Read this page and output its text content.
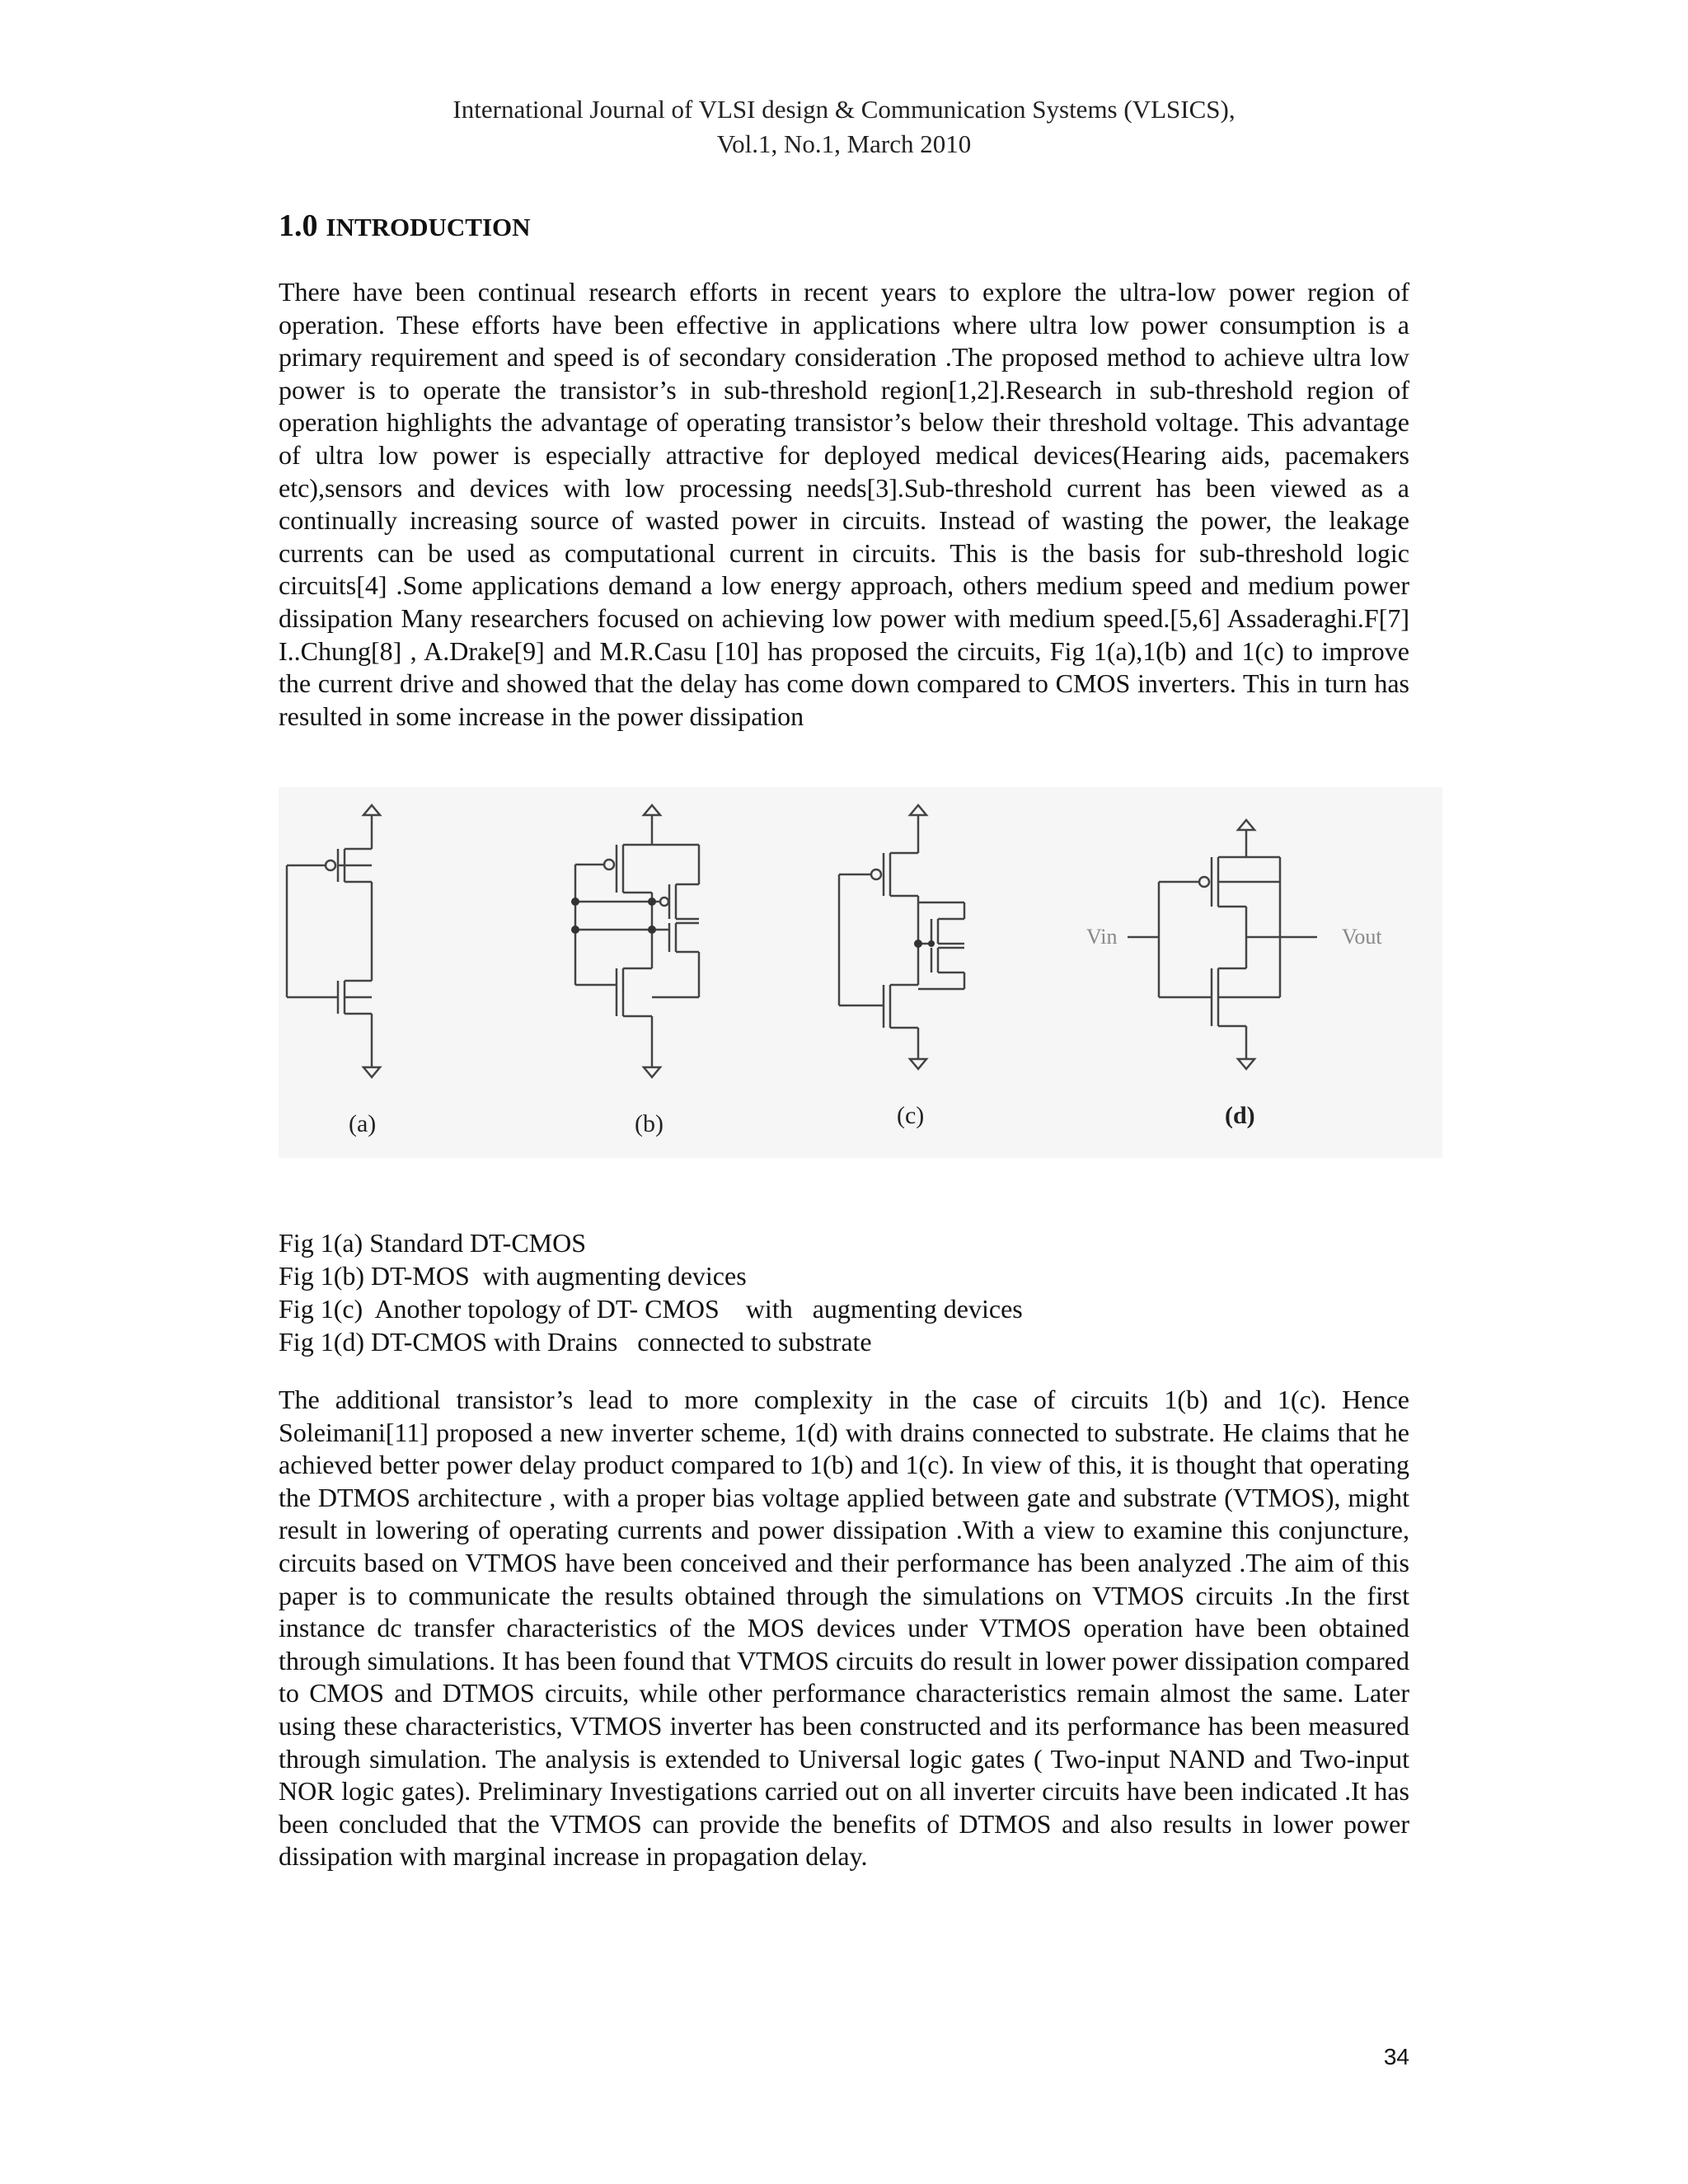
International Journal of VLSI design & Communication Systems (VLSICS),
Vol.1, No.1, March 2010
1.0 INTRODUCTION

There have been continual research efforts in recent years to explore the ultra-low power region of operation. These efforts have been effective in applications where ultra low power consumption is a primary requirement and speed is of secondary consideration .The proposed method to achieve ultra low power is to operate the transistor’s in sub-threshold region[1,2].Research in sub-threshold region of operation highlights the advantage of operating transistor’s below their threshold voltage. This advantage of ultra low power is especially attractive for deployed medical devices(Hearing aids, pacemakers etc),sensors and devices with low processing needs[3].Sub-threshold current has been viewed as a continually increasing source of wasted power in circuits. Instead of wasting the power, the leakage currents can be used as computational current in circuits. This is the basis for sub-threshold logic circuits[4] .Some applications demand a low energy approach, others medium speed and medium power dissipation Many researchers focused on achieving low power with medium speed.[5,6] Assaderaghi.F[7] I..Chung[8] , A.Drake[9] and M.R.Casu [10] has proposed the circuits, Fig 1(a),1(b) and 1(c) to improve the current drive and showed that the delay has come down compared to CMOS inverters. This in turn has resulted in some increase in the power dissipation

Vin	Vout
(a)	(b)	(c)	(d)
Fig 1(a) Standard DT-CMOS
Fig 1(b) DT-MOS  with augmenting devices
Fig 1(c)  Another topology of DT- CMOS    with   augmenting devices
Fig 1(d) DT-CMOS with Drains   connected to substrate

The additional transistor’s lead to more complexity in the case of circuits 1(b) and 1(c). Hence Soleimani[11] proposed a new inverter scheme, 1(d) with drains connected to substrate. He claims that he achieved better power delay product compared to 1(b) and 1(c). In view of this, it is thought that operating the DTMOS architecture , with a proper bias voltage applied between gate and substrate (VTMOS), might result in lowering of operating currents and power dissipation .With a view to examine this conjuncture, circuits based on VTMOS have been conceived and their performance has been analyzed .The aim of this paper is to communicate the results obtained through the simulations on VTMOS circuits .In the first instance dc transfer characteristics of the MOS devices under VTMOS operation have been obtained through simulations. It has been found that VTMOS circuits do result in lower power dissipation compared to CMOS and DTMOS circuits, while other performance characteristics remain almost the same. Later using these characteristics, VTMOS inverter has been constructed and its performance has been measured through simulation. The analysis is extended to Universal logic gates ( Two-input NAND and Two-input NOR logic gates). Preliminary Investigations carried out on all inverter circuits have been indicated .It has been concluded that the VTMOS can provide the benefits of DTMOS and also results in lower power dissipation with marginal increase in propagation delay.

34
